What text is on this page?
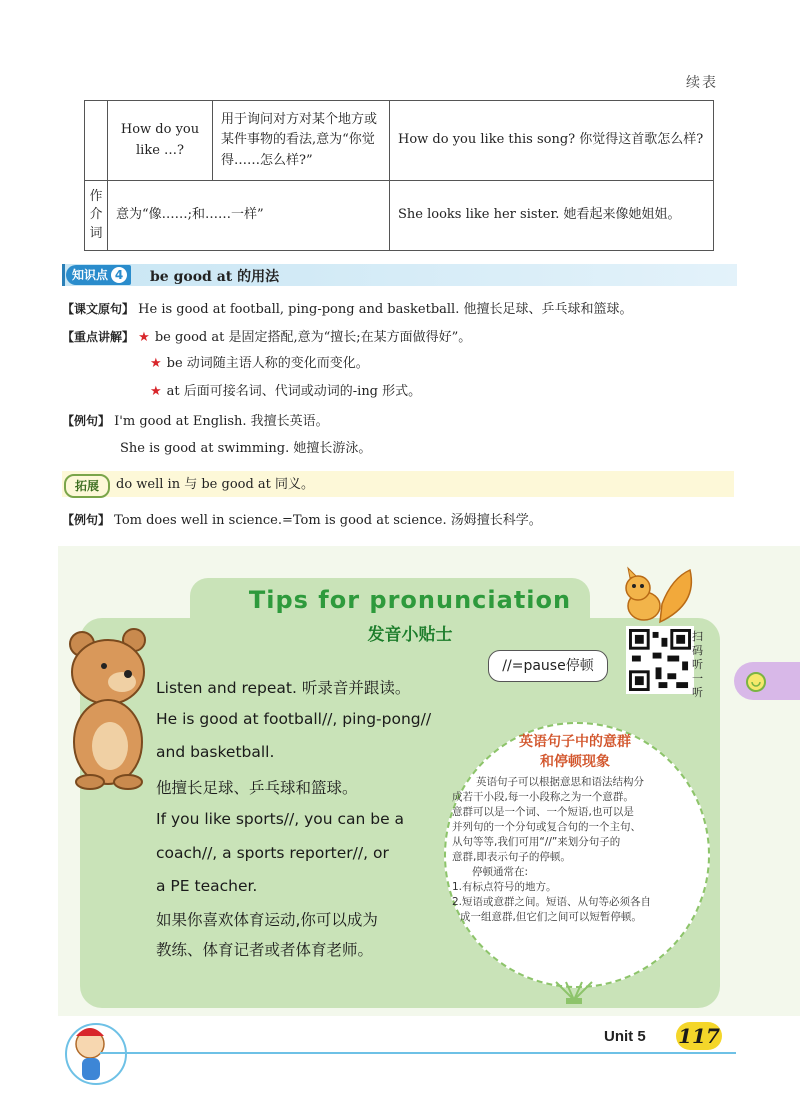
续表
	How do you like …?	用于询问对方对某个地方或某件事物的看法,意为“你觉得……怎么样?”	How do you like this song? 你觉得这首歌怎么样?

作
介
词	意为“像……;和……一样”		She looks like her sister. 她看起来像她姐姐。
知识点 4	be good at 的用法
【课文原句】 He is good at football, ping-pong and basketball. 他擅长足球、乒乓球和篮球。
【重点讲解】 ★ be good at 是固定搭配,意为“擅长;在某方面做得好”。
★ be 动词随主语人称的变化而变化。
★ at 后面可接名词、代词或动词的-ing 形式。
【例句】 I'm good at English. 我擅长英语。
She is good at swimming. 她擅长游泳。
拓展	do well in 与 be good at 同义。
【例句】 Tom does well in science.=Tom is good at science. 汤姆擅长科学。
Tips for pronunciation
发音小贴士
//=pause停顿
扫码听一听
Listen and repeat. 听录音并跟读。
He is good at football//, ping-pong//
and basketball.
他擅长足球、乒乓球和篮球。
If you like sports//, you can be a
coach//, a sports reporter//, or
a PE teacher.
如果你喜欢体育运动,你可以成为
教练、体育记者或者体育老师。
英语句子中的意群
和停顿现象
英语句子可以根据意思和语法结构分
成若干小段,每一小段称之为一个意群。
意群可以是一个词、一个短语,也可以是
并列句的一个分句或复合句的一个主句、
从句等等,我们可用“//”来划分句子的
意群,即表示句子的停顿。
停顿通常在:
1.有标点符号的地方。
2.短语或意群之间。短语、从句等必须各自
成一组意群,但它们之间可以短暂停顿。
Unit 5 117
